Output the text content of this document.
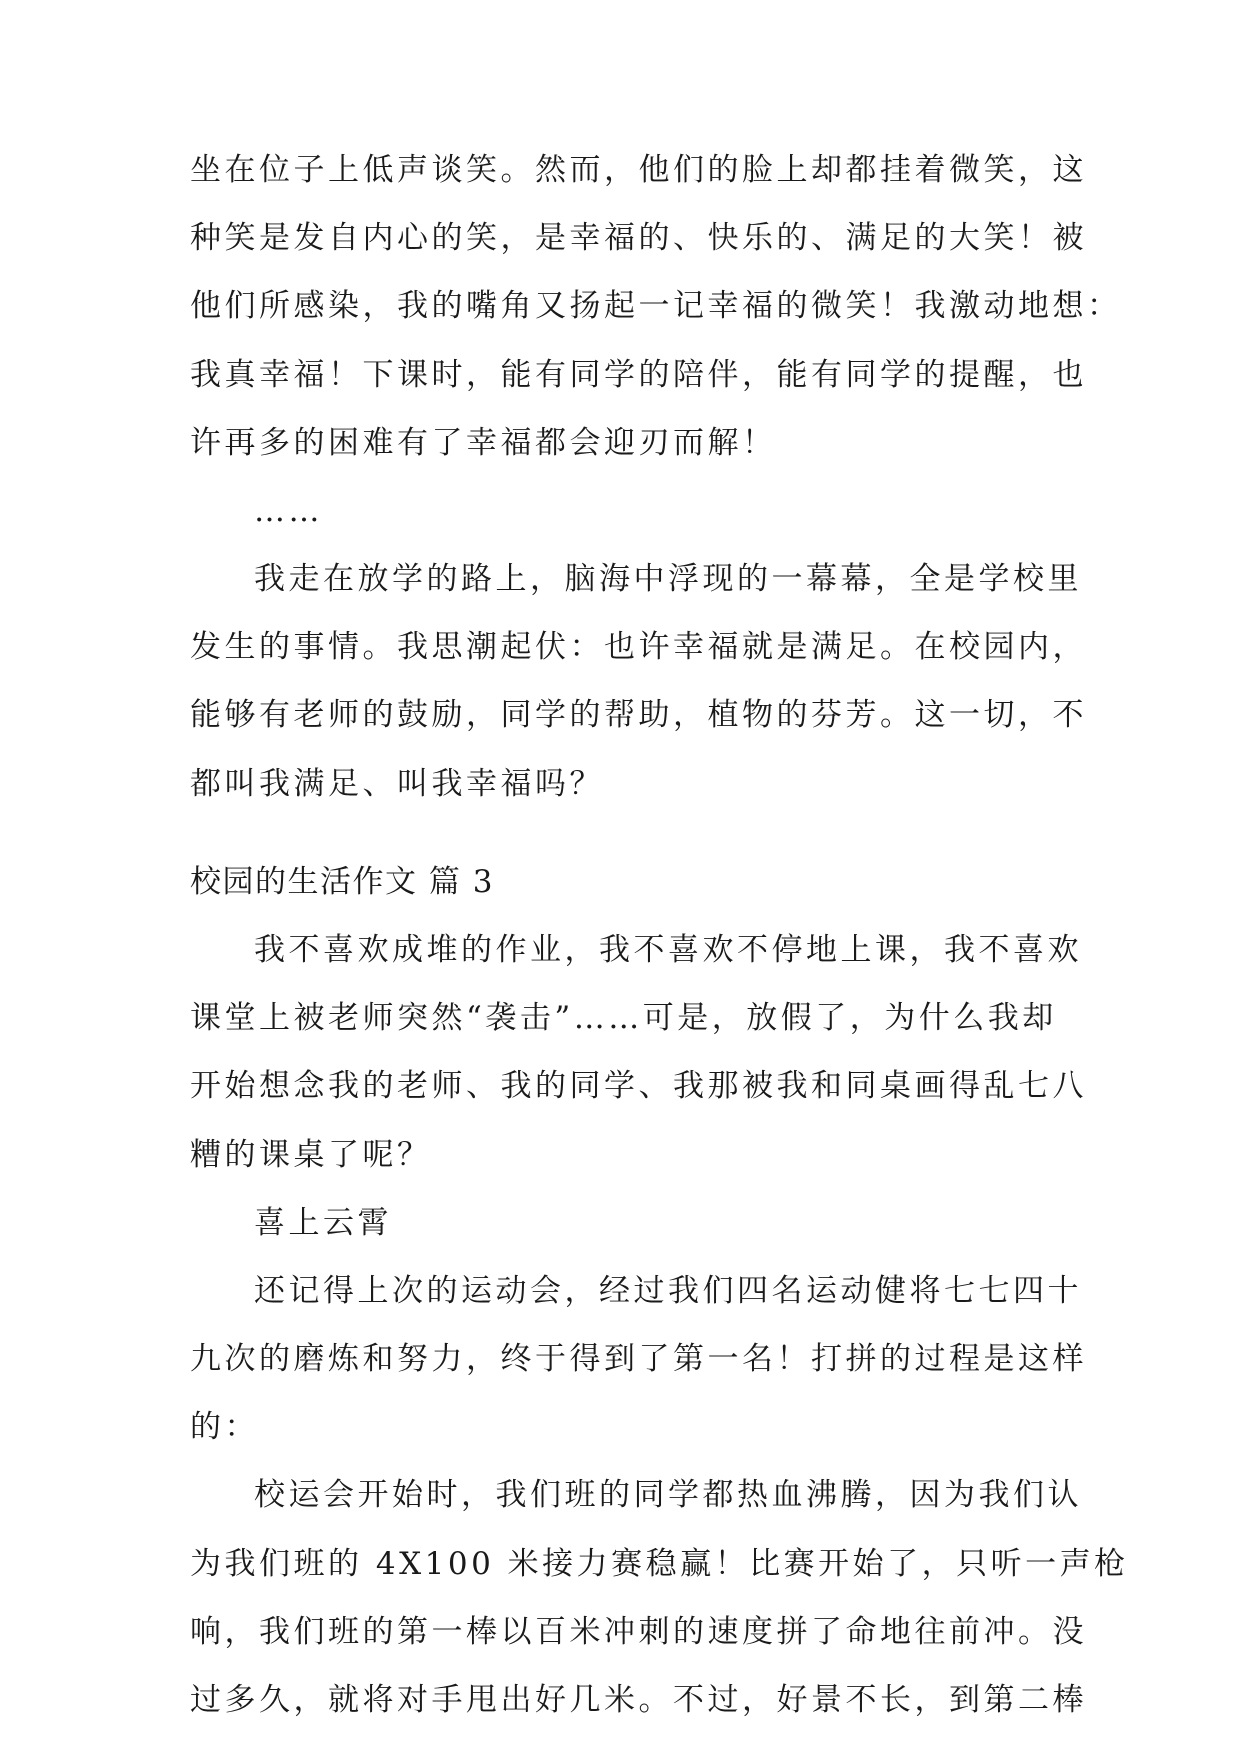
坐在位子上低声谈笑。然而，他们的脸上却都挂着微笑，这
种笑是发自内心的笑，是幸福的、快乐的、满足的大笑！被
他们所感染，我的嘴角又扬起一记幸福的微笑！我激动地想：
我真幸福！下课时，能有同学的陪伴，能有同学的提醒，也
许再多的困难有了幸福都会迎刃而解！
……
我走在放学的路上，脑海中浮现的一幕幕，全是学校里
发生的事情。我思潮起伏：也许幸福就是满足。在校园内，
能够有老师的鼓励，同学的帮助，植物的芬芳。这一切，不
都叫我满足、叫我幸福吗？
校园的生活作文 篇 3
我不喜欢成堆的作业，我不喜欢不停地上课，我不喜欢
课堂上被老师突然“袭击”……可是，放假了，为什么我却
开始想念我的老师、我的同学、我那被我和同桌画得乱七八
糟的课桌了呢？
喜上云霄
还记得上次的运动会，经过我们四名运动健将七七四十
九次的磨炼和努力，终于得到了第一名！打拼的过程是这样
的：
校运会开始时，我们班的同学都热血沸腾，因为我们认
为我们班的 4X100 米接力赛稳赢！比赛开始了，只听一声枪
响，我们班的第一棒以百米冲刺的速度拼了命地往前冲。没
过多久，就将对手甩出好几米。不过，好景不长，到第二棒
